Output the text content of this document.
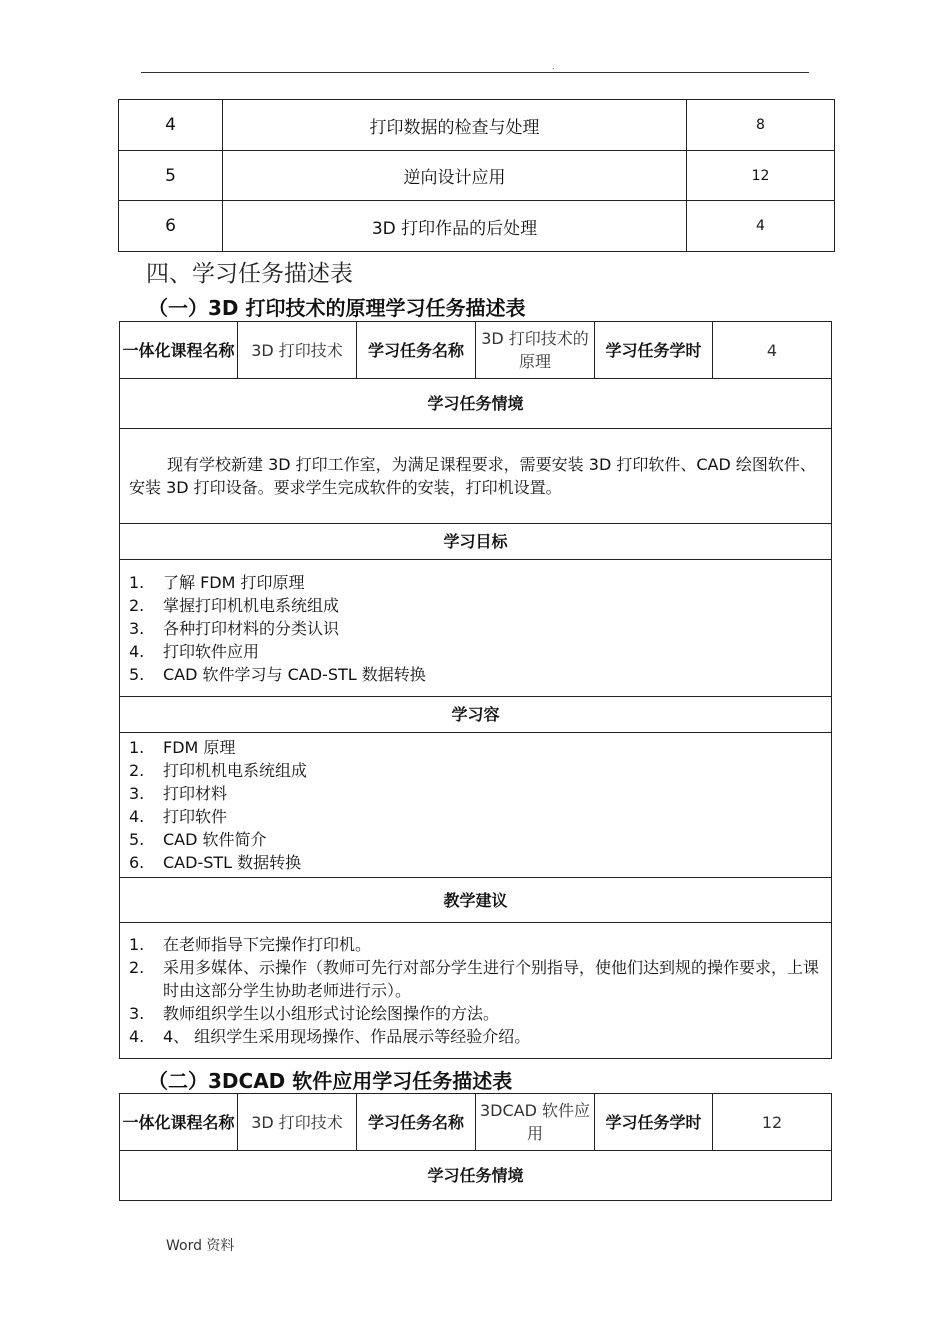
.
4	打印数据的检查与处理	8
5	逆向设计应用	12
6	3D 打印作品的后处理	4
四、学习任务描述表
（一）3D 打印技术的原理学习任务描述表
一体化课程名称	3D 打印技术	学习任务名称	3D 打印技术的原理	学习任务学时	4
学习任务情境

现有学校新建 3D 打印工作室，为满足课程要求，需要安装 3D 打印软件、CAD 绘图软件、安装 3D 打印设备。要求学生完成软件的安装，打印机设置。

学习目标

1.	了解 FDM 打印原理
2.	掌握打印机机电系统组成
3.	各种打印材料的分类认识
4.	打印软件应用
5.	CAD 软件学习与 CAD-STL 数据转换

学习容

1.	FDM 原理
2.	打印机机电系统组成
3.	打印材料
4.	打印软件
5.	CAD 软件简介
6.	CAD-STL 数据转换

教学建议

1.	在老师指导下完操作打印机。
2.	采用多媒体、示操作（教师可先行对部分学生进行个别指导，使他们达到规的操作要求，上课时由这部分学生协助老师进行示）。
3.	教师组织学生以小组形式讨论绘图操作的方法。
4.	4、 组织学生采用现场操作、作品展示等经验介绍。
（二）3DCAD 软件应用学习任务描述表
一体化课程名称	3D 打印技术	学习任务名称	3DCAD 软件应用	学习任务学时	12
学习任务情境
Word 资料
